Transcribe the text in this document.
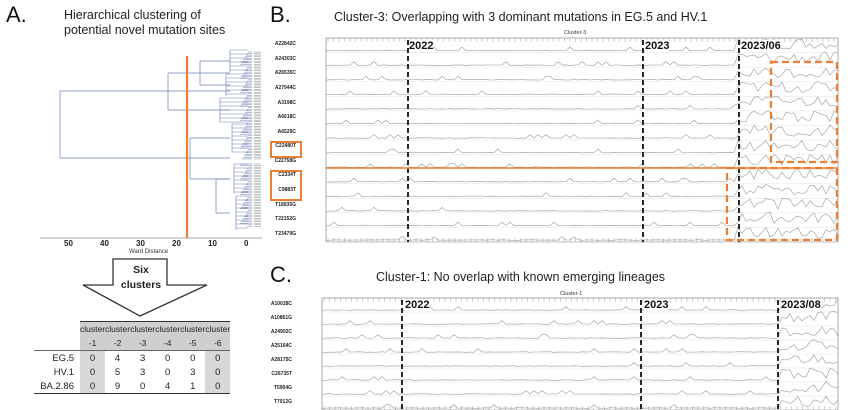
A.	Hierarchical clustering of
potential novel mutation sites
50	40	30	20	10	0
Ward Distance
Six
clusters
	cluster	cluster	cluster	cluster	cluster	cluster
	-1	-2	-3	-4	-5	-6
EG.5	0	4	3	0	0	0
HV.1	0	5	3	0	3	0
BA.2.86	0	9	0	4	1	0
B.	Cluster-3: Overlapping with 3 dominant mutations in EG.5 and HV.1
Cluster-3
A22842C
A24303C
A26535C
A27944C
A3198C
A6618C
A6529C
C22480T
C22758G
C2334T
C9883T
T18935G
T22152G
T23479G
2022	2023	2023/06
C.	Cluster-1: No overlap with known emerging lineages
Cluster-1
A10028C
A10861G
A24902C
A25164C
A28175C
C26735T
T5904G
T7012G
2022	2023	2023/08
